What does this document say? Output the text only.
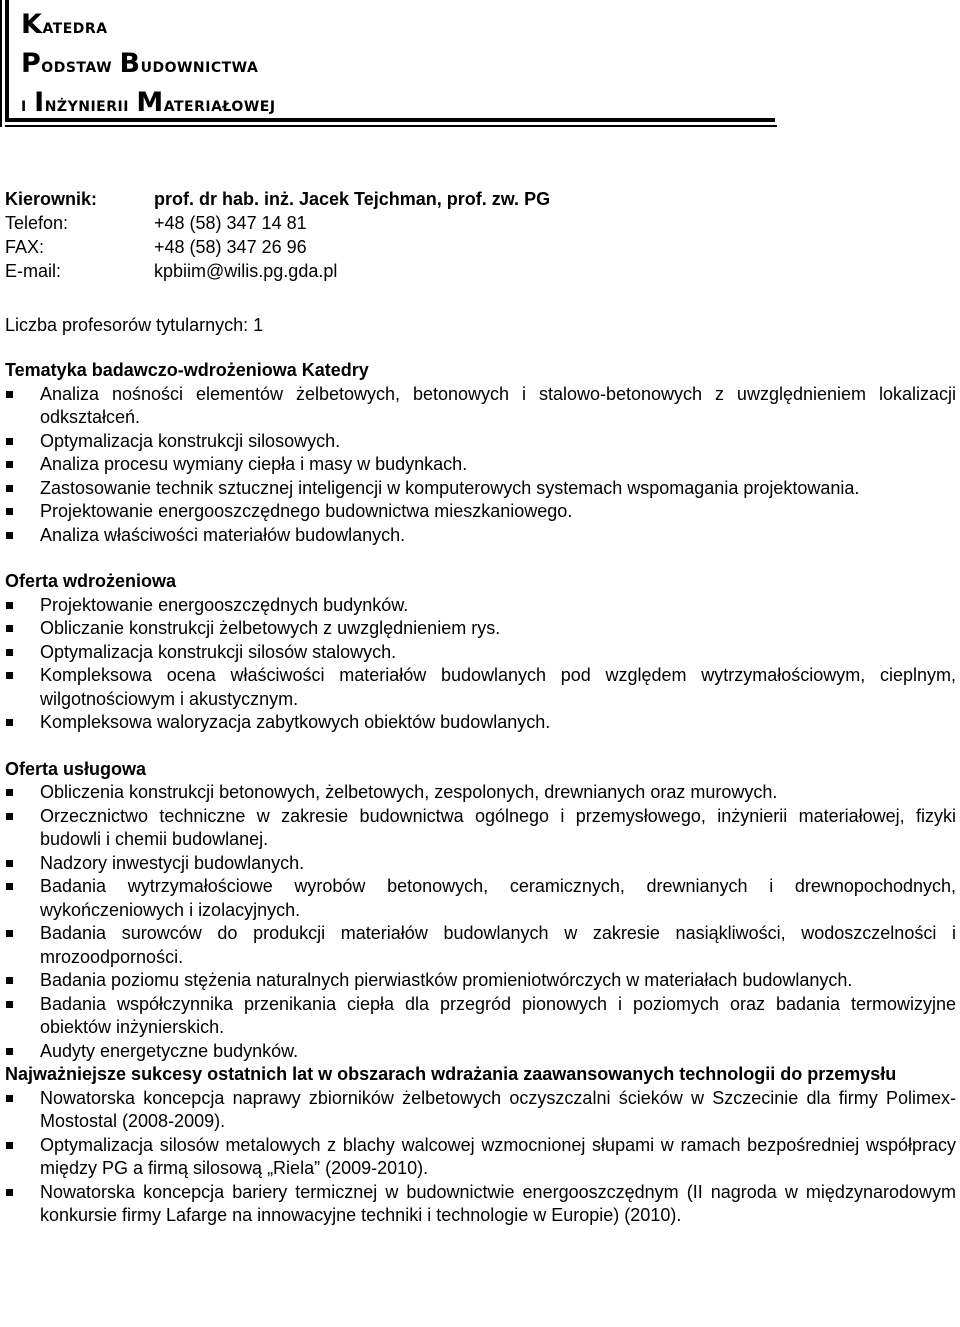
Katedra
Podstaw Budownictwa
i Inżynierii Materiałowej
Kierownik:	prof. dr hab. inż. Jacek Tejchman, prof. zw. PG
Telefon:	+48 (58) 347 14 81
FAX:	+48 (58) 347 26 96
E-mail:	kpbiim@wilis.pg.gda.pl
Liczba profesorów tytularnych: 1
Tematyka badawczo-wdrożeniowa Katedry
Analiza nośności elementów żelbetowych, betonowych i stalowo-betonowych z uwzględnieniem lokalizacji odkształceń.
Optymalizacja konstrukcji silosowych.
Analiza procesu wymiany ciepła i masy w budynkach.
Zastosowanie technik sztucznej inteligencji w komputerowych systemach wspomagania projektowania.
Projektowanie energooszczędnego budownictwa mieszkaniowego.
Analiza właściwości materiałów budowlanych.
Oferta wdrożeniowa
Projektowanie energooszczędnych budynków.
Obliczanie konstrukcji żelbetowych z uwzględnieniem rys.
Optymalizacja konstrukcji silosów stalowych.
Kompleksowa ocena właściwości materiałów budowlanych pod względem wytrzymałościowym, cieplnym, wilgotnościowym i akustycznym.
Kompleksowa waloryzacja zabytkowych obiektów budowlanych.
Oferta usługowa
Obliczenia konstrukcji betonowych, żelbetowych, zespolonych, drewnianych oraz murowych.
Orzecznictwo techniczne w zakresie budownictwa ogólnego i przemysłowego, inżynierii materiałowej, fizyki budowli i chemii budowlanej.
Nadzory inwestycji budowlanych.
Badania wytrzymałościowe wyrobów betonowych, ceramicznych, drewnianych i drewnopochodnych, wykończeniowych i izolacyjnych.
Badania surowców do produkcji materiałów budowlanych w zakresie nasiąkliwości, wodoszczelności i mrozoodporności.
Badania poziomu stężenia naturalnych pierwiastków promieniotwórczych w materiałach budowlanych.
Badania współczynnika przenikania ciepła dla przegród pionowych i poziomych oraz badania termowizyjne obiektów inżynierskich.
Audyty energetyczne budynków.
Najważniejsze sukcesy ostatnich lat w obszarach wdrażania zaawansowanych technologii do przemysłu
Nowatorska koncepcja naprawy zbiorników żelbetowych oczyszczalni ścieków w Szczecinie dla firmy Polimex-Mostostal (2008-2009).
Optymalizacja silosów metalowych z blachy walcowej wzmocnionej słupami w ramach bezpośredniej współpracy między PG a firmą silosową „Riela” (2009-2010).
Nowatorska koncepcja bariery termicznej w budownictwie energooszczędnym (II nagroda w międzynarodowym konkursie firmy Lafarge na innowacyjne techniki i technologie w Europie) (2010).
